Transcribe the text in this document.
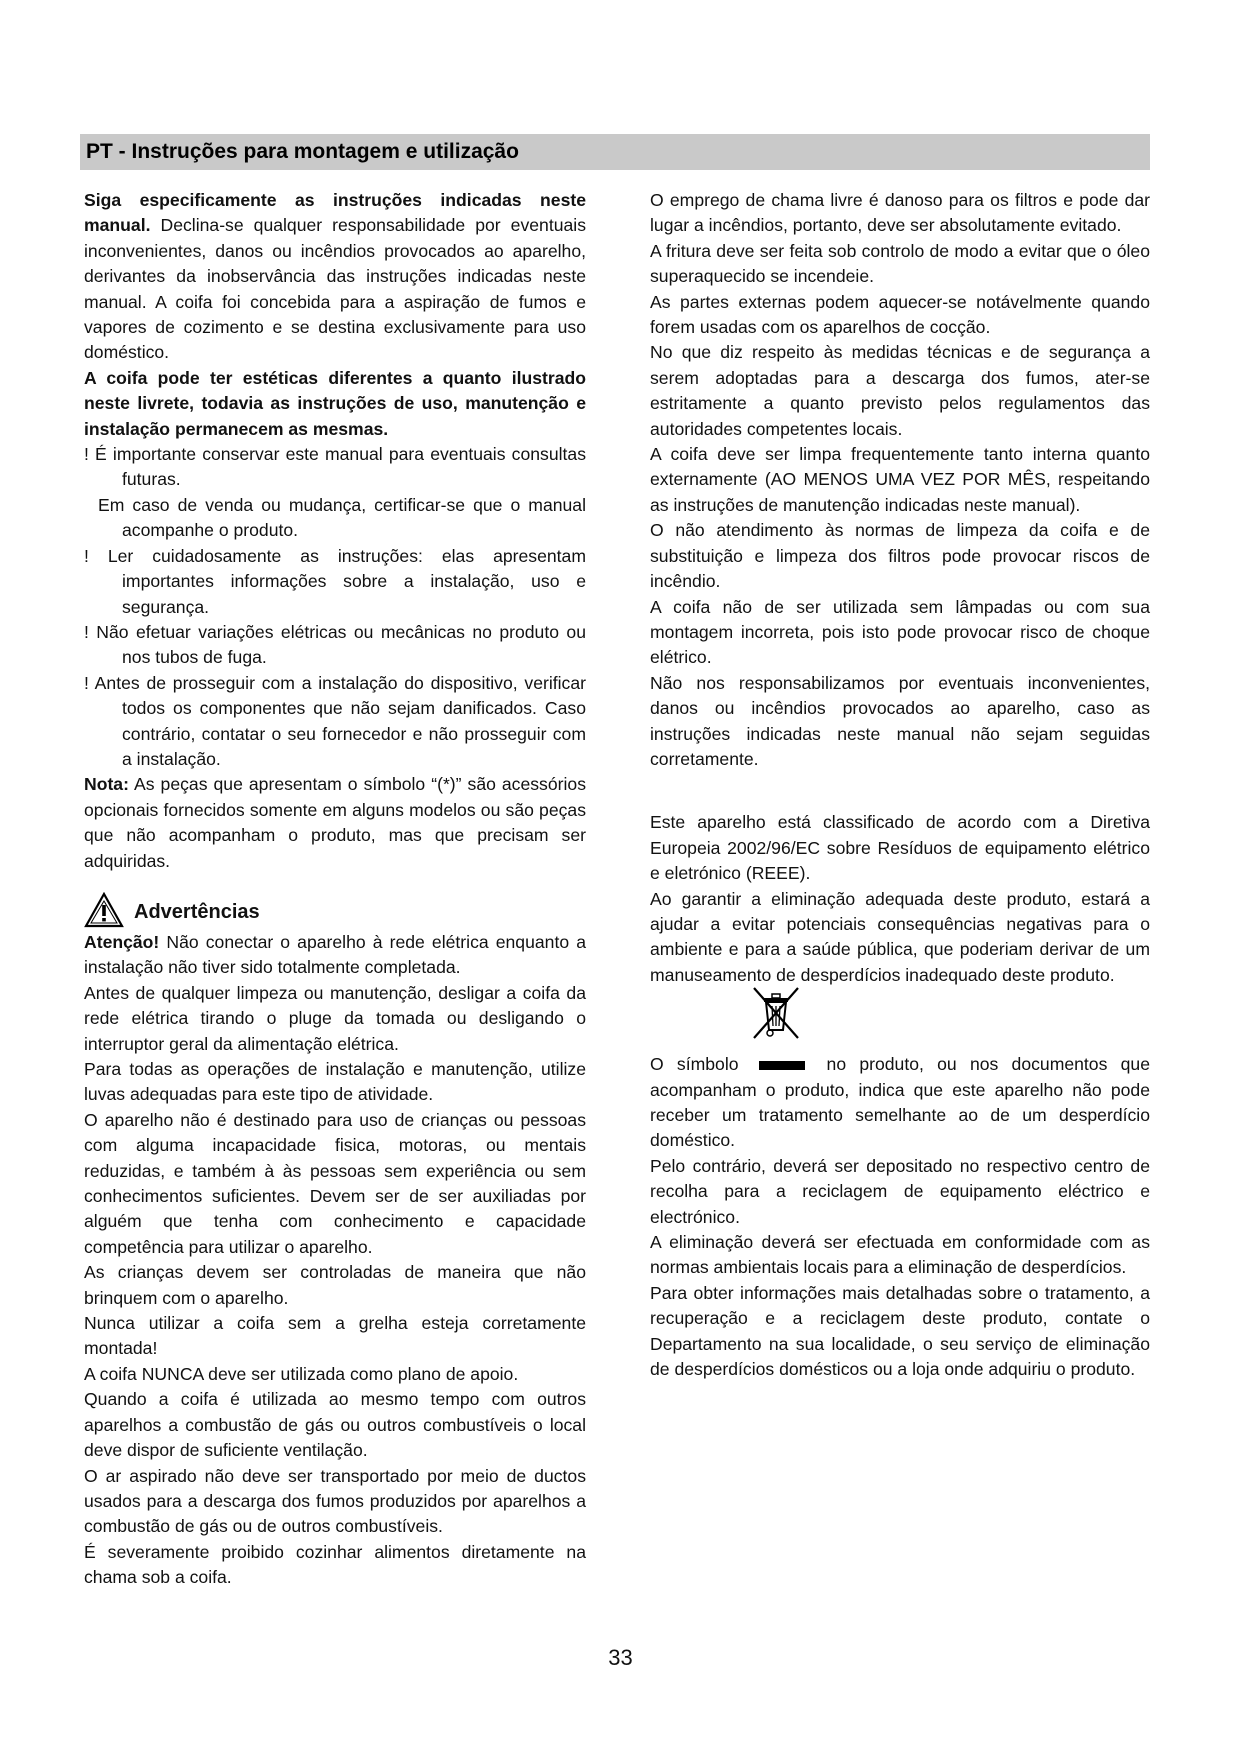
PT - Instruções para montagem e utilização

Siga especificamente as instruções indicadas neste manual. Declina-se qualquer responsabilidade por eventuais inconvenientes, danos ou incêndios provocados ao aparelho, derivantes da inobservância das instruções indicadas neste manual. A coifa foi concebida para a aspiração de fumos e vapores de cozimento e se destina exclusivamente para uso doméstico.

A coifa pode ter estéticas diferentes a quanto ilustrado neste livrete, todavia as instruções de uso, manutenção e instalação permanecem as mesmas.

! É importante conservar este manual para eventuais consultas futuras.

Em caso de venda ou mudança, certificar-se que o manual acompanhe o produto.

! Ler cuidadosamente as instruções: elas apresentam importantes informações sobre a instalação, uso e segurança.

! Não efetuar variações elétricas ou mecânicas no produto ou nos tubos de fuga.

! Antes de prosseguir com a instalação do dispositivo, verificar todos os componentes que não sejam danificados. Caso contrário, contatar o seu fornecedor e não prosseguir com a instalação.

Nota: As peças que apresentam o símbolo “(*)” são acessórios opcionais fornecidos somente em alguns modelos ou são peças que não acompanham o produto, mas que precisam ser adquiridas.

Advertências

Atenção! Não conectar o aparelho à rede elétrica enquanto a instalação não tiver sido totalmente completada.

Antes de qualquer limpeza ou manutenção, desligar a coifa da rede elétrica tirando o pluge da tomada ou desligando o interruptor geral da alimentação elétrica.

Para todas as operações de instalação e manutenção, utilize luvas adequadas para este tipo de atividade.

O aparelho não é destinado para uso de crianças ou pessoas com alguma incapacidade fisica, motoras, ou mentais reduzidas, e também à às pessoas sem experiência ou sem conhecimentos suficientes. Devem ser de ser auxiliadas por alguém que tenha com conhecimento e capacidade competência para utilizar o aparelho.

As crianças devem ser controladas de maneira que não brinquem com o aparelho.

Nunca utilizar a coifa sem a grelha esteja corretamente montada!

A coifa NUNCA deve ser utilizada como plano de apoio.

Quando a coifa é utilizada ao mesmo tempo com outros aparelhos a combustão de gás ou outros combustíveis o local deve dispor de suficiente ventilação.

O ar aspirado não deve ser transportado por meio de ductos usados para a descarga dos fumos produzidos por aparelhos a combustão de gás ou de outros combustíveis.

É severamente proibido cozinhar alimentos diretamente na chama sob a coifa.

O emprego de chama livre é danoso para os filtros e pode dar lugar a incêndios, portanto, deve ser absolutamente evitado.

A fritura deve ser feita sob controlo de modo a evitar que o óleo superaquecido se incendeie.

As partes externas podem aquecer-se notávelmente quando forem usadas com os aparelhos de cocção.

No que diz respeito às medidas técnicas e de segurança a serem adoptadas para a descarga dos fumos, ater-se estritamente a quanto previsto pelos regulamentos das autoridades competentes locais.

A coifa deve ser limpa frequentemente tanto interna quanto externamente (AO MENOS UMA VEZ POR MÊS, respeitando as instruções de manutenção indicadas neste manual).

O não atendimento às normas de limpeza da coifa e de substituição e limpeza dos filtros pode provocar riscos de incêndio.

A coifa não de ser utilizada sem lâmpadas ou com sua montagem incorreta, pois isto pode provocar risco de choque elétrico.

Não nos responsabilizamos por eventuais inconvenientes, danos ou incêndios provocados ao aparelho, caso as instruções indicadas neste manual não sejam seguidas corretamente.

Este aparelho está classificado de acordo com a Diretiva Europeia 2002/96/EC sobre Resíduos de equipamento elétrico e eletrónico (REEE).

Ao garantir a eliminação adequada deste produto, estará a ajudar a evitar potenciais consequências negativas para o ambiente e para a saúde pública, que poderiam derivar de um manuseamento de desperdícios inadequado deste produto.

O símbolo	no produto, ou nos documentos que acompanham o produto, indica que este aparelho não pode receber um tratamento semelhante ao de um desperdício doméstico.

Pelo contrário, deverá ser depositado no respectivo centro de recolha para a reciclagem de equipamento eléctrico e electrónico.

A eliminação deverá ser efectuada em conformidade com as normas ambientais locais para a eliminação de desperdícios.

Para obter informações mais detalhadas sobre o tratamento, a recuperação e a reciclagem deste produto, contate o Departamento na sua localidade, o seu serviço de eliminação de desperdícios domésticos ou a loja onde adquiriu o produto.

33
